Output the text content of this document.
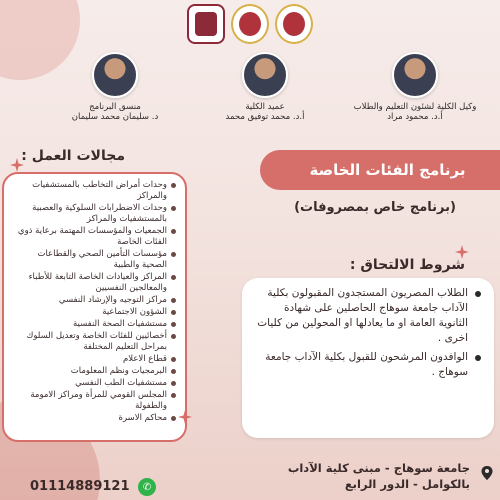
وكيل الكلية لشئون التعليم والطلاب
أ.د. محمود مراد
عميد الكلية
أ.د. محمد توفيق محمد
منسق البرنامج
د. سليمان محمد سليمان
برنامج الفئات الخاصة
(برنامج خاص بمصروفات)
مجالات العمل :
وحدات أمراض التخاطب بالمستشفيات والمراكز
وحدات الاضطرابات السلوكية والعصبية بالمستشفيات والمراكز
الجمعيات والمؤسسات المهتمة برعاية ذوي الفئات الخاصة
مؤسسات التأمين الصحي والقطاعات الصحية والطبية
المراكز والعيادات الخاصة التابعة للأطباء والمعالجين النفسيين
مراكز التوجيه والإرشاد النفسي
الشؤون الاجتماعية
مستشفيات الصحة النفسية
أخصائيين للفئات الخاصة وتعديل السلوك بمراحل التعليم المختلفة
قطاع الاعلام
البرمجيات ونظم المعلومات
مستشفيات الطب النفسي
المجلس القومي للمرأة ومراكز الامومة والطفولة
محاكم الاسرة
شروط الالتحاق :
الطلاب المصريون المستجدون المقبولون بكلية الآداب جامعة سوهاج الحاصلين على شهادة الثانوية العامة او ما يعادلها او المحولين من كليات اخرى .
الوافدون المرشحون للقبول بكلية الآداب جامعة سوهاج .
جامعة سوهاج - مبنى كلية الآداب
بالكوامل - الدور الرابع
✆
01114889121
